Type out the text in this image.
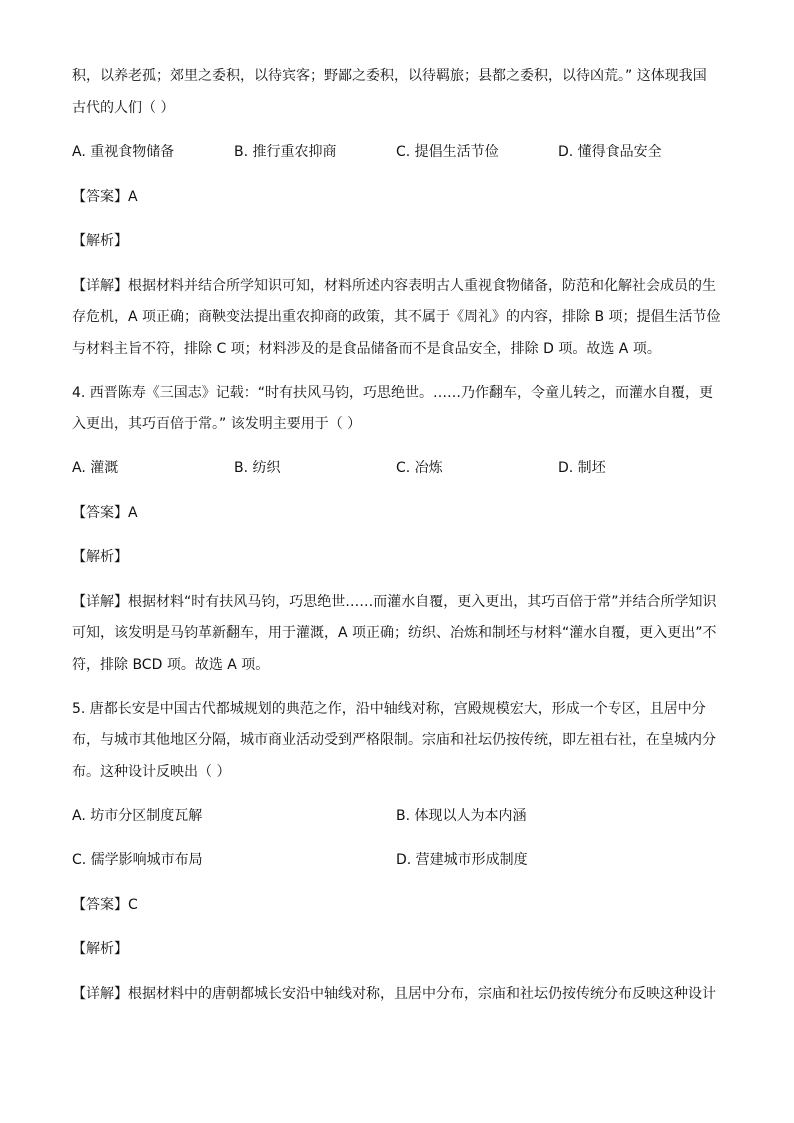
积，以养老孤；郊里之委积，以待宾客；野鄙之委积，以待羁旅；县都之委积，以待凶荒。” 这体现我国
古代的人们（ ）
A. 重视食物储备	B. 推行重农抑商	C. 提倡生活节俭	D. 懂得食品安全
【答案】A
【解析】
【详解】根据材料并结合所学知识可知，材料所述内容表明古人重视食物储备，防范和化解社会成员的生
存危机，A 项正确；商鞅变法提出重农抑商的政策，其不属于《周礼》的内容，排除 B 项；提倡生活节俭
与材料主旨不符，排除 C 项；材料涉及的是食品储备而不是食品安全，排除 D 项。故选 A 项。
4. 西晋陈寿《三国志》记载：“时有扶风马钧，巧思绝世。……乃作翻车，令童儿转之，而灌水自覆，更
入更出，其巧百倍于常。” 该发明主要用于（ ）
A. 灌溉	B. 纺织	C. 冶炼	D. 制坯
【答案】A
【解析】
【详解】根据材料“时有扶风马钧，巧思绝世……而灌水自覆，更入更出，其巧百倍于常”并结合所学知识
可知，该发明是马钧革新翻车，用于灌溉，A 项正确；纺织、冶炼和制坯与材料“灌水自覆，更入更出”不
符，排除 BCD 项。故选 A 项。
5. 唐都长安是中国古代都城规划的典范之作，沿中轴线对称，宫殿规模宏大，形成一个专区，且居中分
布，与城市其他地区分隔，城市商业活动受到严格限制。宗庙和社坛仍按传统，即左祖右社，在皇城内分
布。这种设计反映出（ ）
A. 坊市分区制度瓦解	B. 体现以人为本内涵
C. 儒学影响城市布局	D. 营建城市形成制度
【答案】C
【解析】
【详解】根据材料中的唐朝都城长安沿中轴线对称，且居中分布，宗庙和社坛仍按传统分布反映这种设计
